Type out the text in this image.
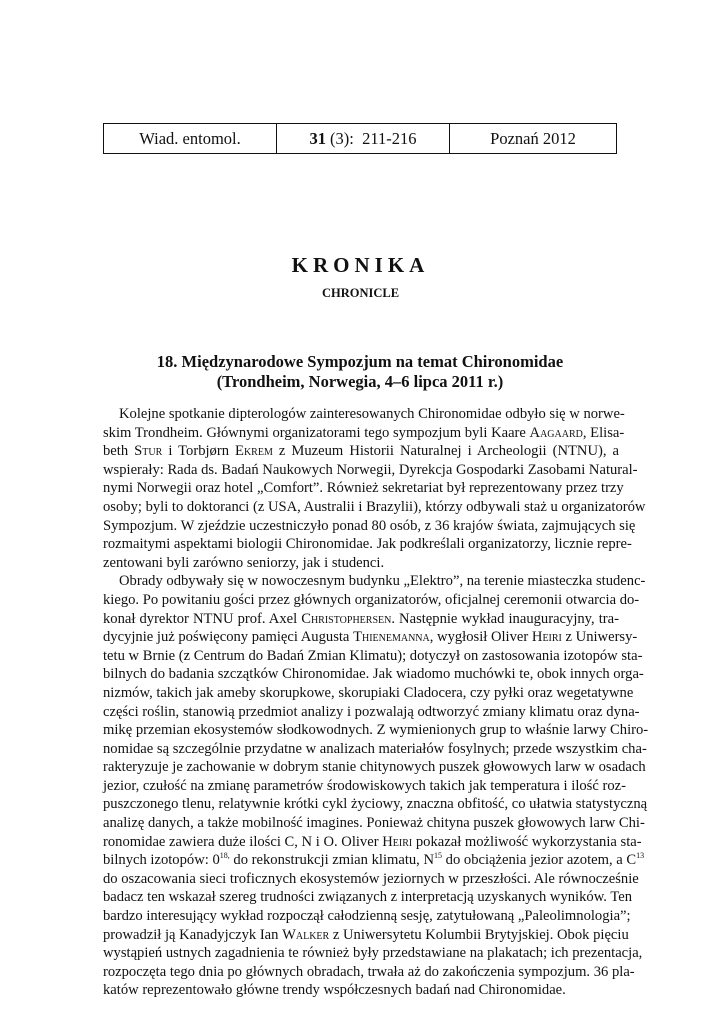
Wiad. entomol.	31 (3):  211-216	Poznań 2012
KRONIKA
CHRONICLE
18. Międzynarodowe Sympozjum na temat Chironomidae
(Trondheim, Norwegia, 4–6 lipca 2011 r.)
Kolejne spotkanie dipterologów zainteresowanych Chironomidae odbyło się w norwe-
skim Trondheim. Głównymi organizatorami tego sympozjum byli Kaare Aagaard, Elisa-
beth Stur i Torbjørn Ekrem z Muzeum Historii Naturalnej i Archeologii (NTNU), a
wspierały: Rada ds. Badań Naukowych Norwegii, Dyrekcja Gospodarki Zasobami Natural-
nymi Norwegii oraz hotel „Comfort”. Również sekretariat był reprezentowany przez trzy
osoby; byli to doktoranci (z USA, Australii i Brazylii), którzy odbywali staż u organizatorów
Sympozjum. W zjeździe uczestniczyło ponad 80 osób, z 36 krajów świata, zajmujących się
rozmaitymi aspektami biologii Chironomidae. Jak podkreślali organizatorzy, licznie repre-
zentowani byli zarówno seniorzy, jak i studenci.
Obrady odbywały się w nowoczesnym budynku „Elektro”, na terenie miasteczka studenc-
kiego. Po powitaniu gości przez głównych organizatorów, oficjalnej ceremonii otwarcia do-
konał dyrektor NTNU prof. Axel Christophersen. Następnie wykład inauguracyjny, tra-
dycyjnie już poświęcony pamięci Augusta Thienemanna, wygłosił Oliver Heiri z Uniwersy-
tetu w Brnie (z Centrum do Badań Zmian Klimatu); dotyczył on zastosowania izotopów sta-
bilnych do badania szczątków Chironomidae. Jak wiadomo muchówki te, obok innych orga-
nizmów, takich jak ameby skorupkowe, skorupiaki Cladocera, czy pyłki oraz wegetatywne
części roślin, stanowią przedmiot analizy i pozwalają odtworzyć zmiany klimatu oraz dyna-
mikę przemian ekosystemów słodkowodnych. Z wymienionych grup to właśnie larwy Chiro-
nomidae są szczególnie przydatne w analizach materiałów fosylnych; przede wszystkim cha-
rakteryzuje je zachowanie w dobrym stanie chitynowych puszek głowowych larw w osadach
jezior, czułość na zmianę parametrów środowiskowych takich jak temperatura i ilość roz-
puszczonego tlenu, relatywnie krótki cykl życiowy, znaczna obfitość, co ułatwia statystyczną
analizę danych, a także mobilność imagines. Ponieważ chityna puszek głowowych larw Chi-
ronomidae zawiera duże ilości C, N i O. Oliver Heiri pokazał możliwość wykorzystania sta-
bilnych izotopów: $0^{18,}$ do rekonstrukcji zmian klimatu, $N^{15}$ do obciążenia jezior azotem, a $C^{13}$
do oszacowania sieci troficznych ekosystemów jeziornych w przeszłości. Ale równocześnie
badacz ten wskazał szereg trudności związanych z interpretacją uzyskanych wyników. Ten
bardzo interesujący wykład rozpoczął całodzienną sesję, zatytułowaną „Paleolimnologia”;
prowadził ją Kanadyjczyk Ian Walker z Uniwersytetu Kolumbii Brytyjskiej. Obok pięciu
wystąpień ustnych zagadnienia te również były przedstawiane na plakatach; ich prezentacja,
rozpoczęta tego dnia po głównych obradach, trwała aż do zakończenia sympozjum. 36 pla-
katów reprezentowało główne trendy współczesnych badań nad Chironomidae.
